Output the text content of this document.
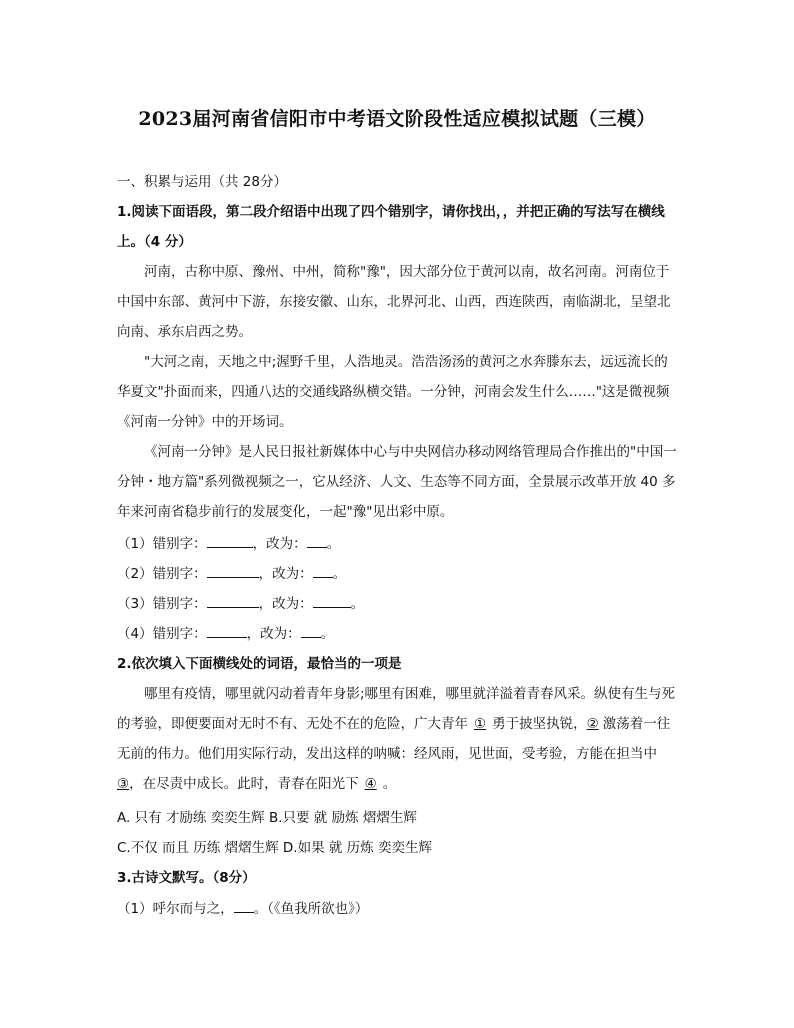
2023届河南省信阳市中考语文阶段性适应模拟试题（三模）
一、积累与运用（共 28分）
1.阅读下面语段，第二段介绍语中出现了四个错别字，请你找出，，并把正确的写法写在横线
上。（4 分）
河南，古称中原、豫州、中州，简称"豫"，因大部分位于黄河以南，故名河南。河南位于
中国中东部、黄河中下游，东接安徽、山东，北界河北、山西，西连陕西，南临湖北，呈望北
向南、承东启西之势。
"大河之南，天地之中;渥野千里，人浩地灵。浩浩汤汤的黄河之水奔滕东去，远远流长的
华夏文"扑面而来，四通八达的交通线路纵横交错。一分钟，河南会发生什么……"这是微视频
《河南一分钟》中的开场词。
《河南一分钟》是人民日报社新媒体中心与中央网信办移动网络管理局合作推出的"中国一
分钟・地方篇"系列微视频之一，它从经济、人文、生态等不同方面，全景展示改革开放 40 多
年来河南省稳步前行的发展变化，一起"豫"见出彩中原。
（1）错别字：	，改为： 。
（2）错别字：	，改为： 。
（3）错别字：	，改为：	。
（4）错别字：	，改为： 。
2.依次填入下面横线处的词语，最恰当的一项是
哪里有疫情，哪里就闪动着青年身影;哪里有困难，哪里就洋溢着青春风采。纵使有生与死
的考验，即便要面对无时不有、无处不在的危险，广大青年 ① 勇于披坚执锐，② 激荡着一往
无前的伟力。他们用实际行动，发出这样的呐喊：经风雨，见世面，受考验，方能在担当中
③，在尽责中成长。此时，青春在阳光下 ④ 。
A. 只有 才励练 奕奕生辉 B.只要 就 励炼 熠熠生辉
C.不仅 而且 历练 熠熠生辉 D.如果 就 历炼 奕奕生辉
3.古诗文默写。（8分）
（1）呼尔而与之， 。（《鱼我所欲也》）
